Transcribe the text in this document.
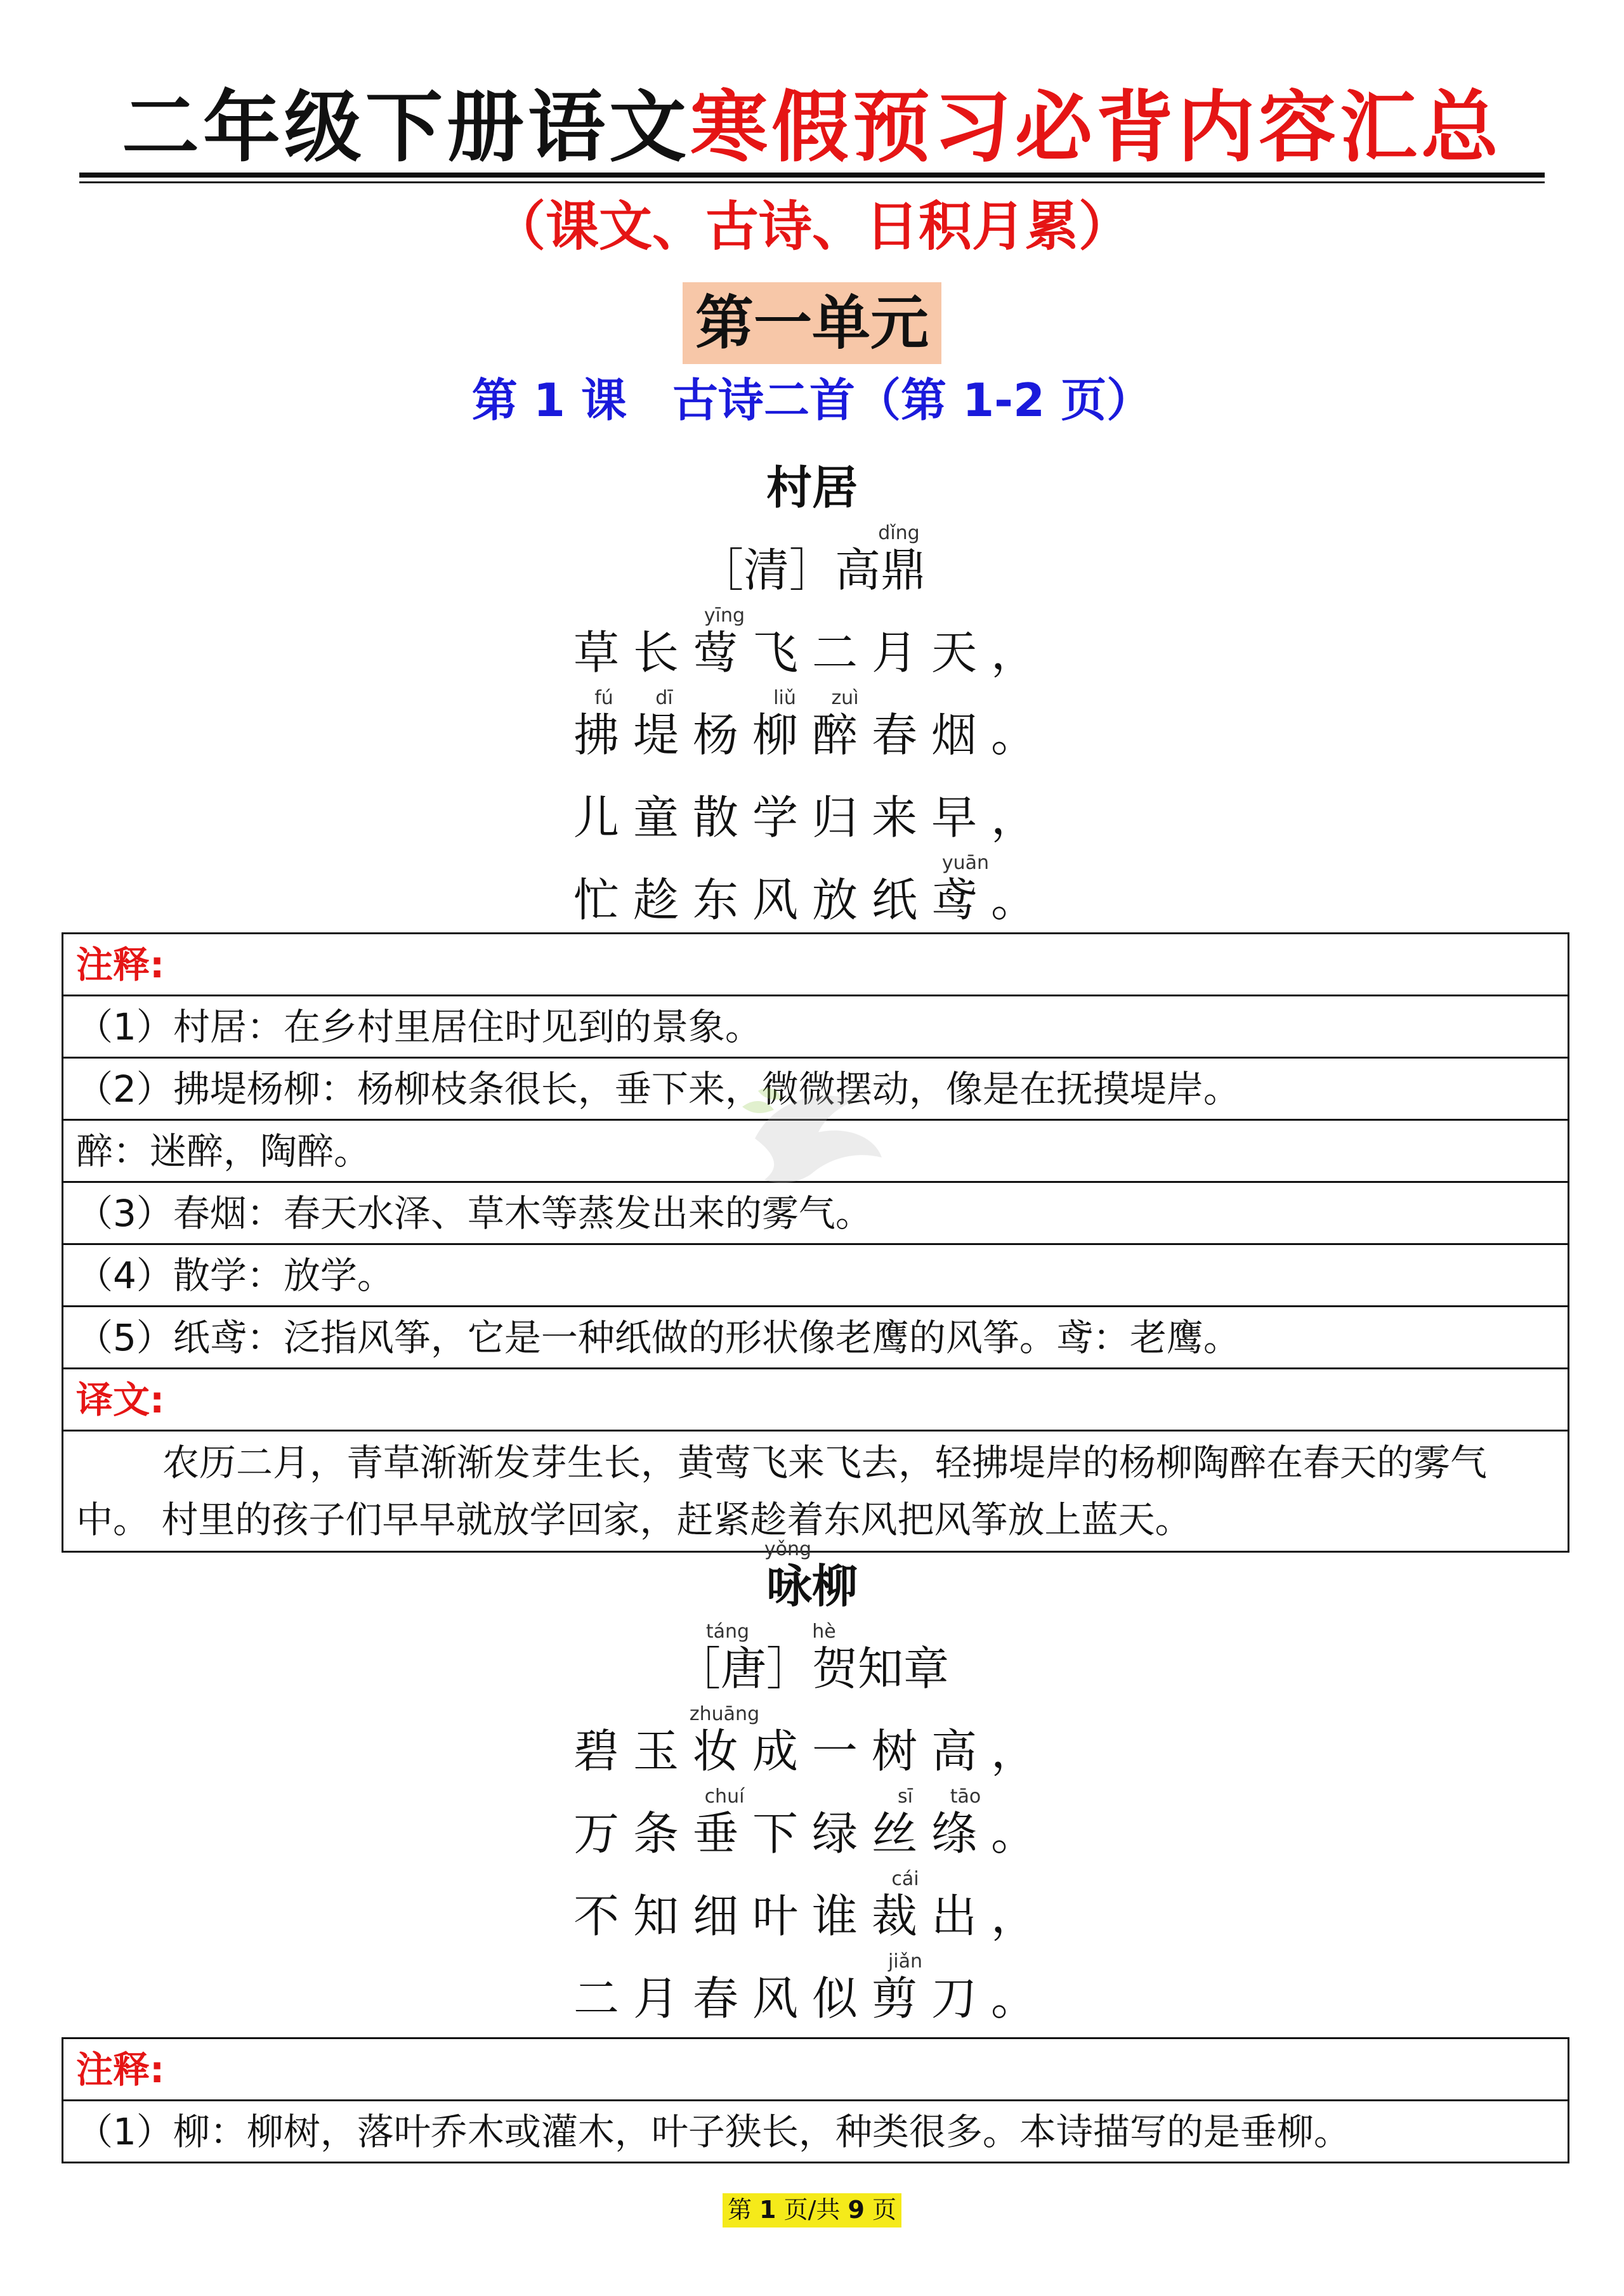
二年级下册语文寒假预习必背内容汇总
（课文、古诗、日积月累）
第一单元
第 1 课　古诗二首（第 1-2 页）
村居
dǐng
［清］高鼎
yīng
草长莺飞二月天，
fú	dī	liǔ	zuì
拂堤杨柳醉春烟。
儿童散学归来早，
yuān
忙趁东风放纸鸢。
注释:
（1）村居：在乡村里居住时见到的景象。
（2）拂堤杨柳：杨柳枝条很长，垂下来，微微摆动，像是在抚摸堤岸。
醉：迷醉，陶醉。
（3）春烟：春天水泽、草木等蒸发出来的雾气。
（4）散学：放学。
（5）纸鸢：泛指风筝，它是一种纸做的形状像老鹰的风筝。鸢：老鹰。
译文:
农历二月，青草渐渐发芽生长，黄莺飞来飞去，轻拂堤岸的杨柳陶醉在春天的雾气中。 村里的孩子们早早就放学回家，赶紧趁着东风把风筝放上蓝天。
yǒng
咏柳
táng	hè
［唐］贺知章
zhuāng
碧玉妆成一树高，
chuí	sī	tāo
万条垂下绿丝绦。
cái
不知细叶谁裁出，
jiǎn
二月春风似剪刀。
注释:
（1）柳：柳树，落叶乔木或灌木，叶子狭长，种类很多。本诗描写的是垂柳。
第 1 页/共 9 页
